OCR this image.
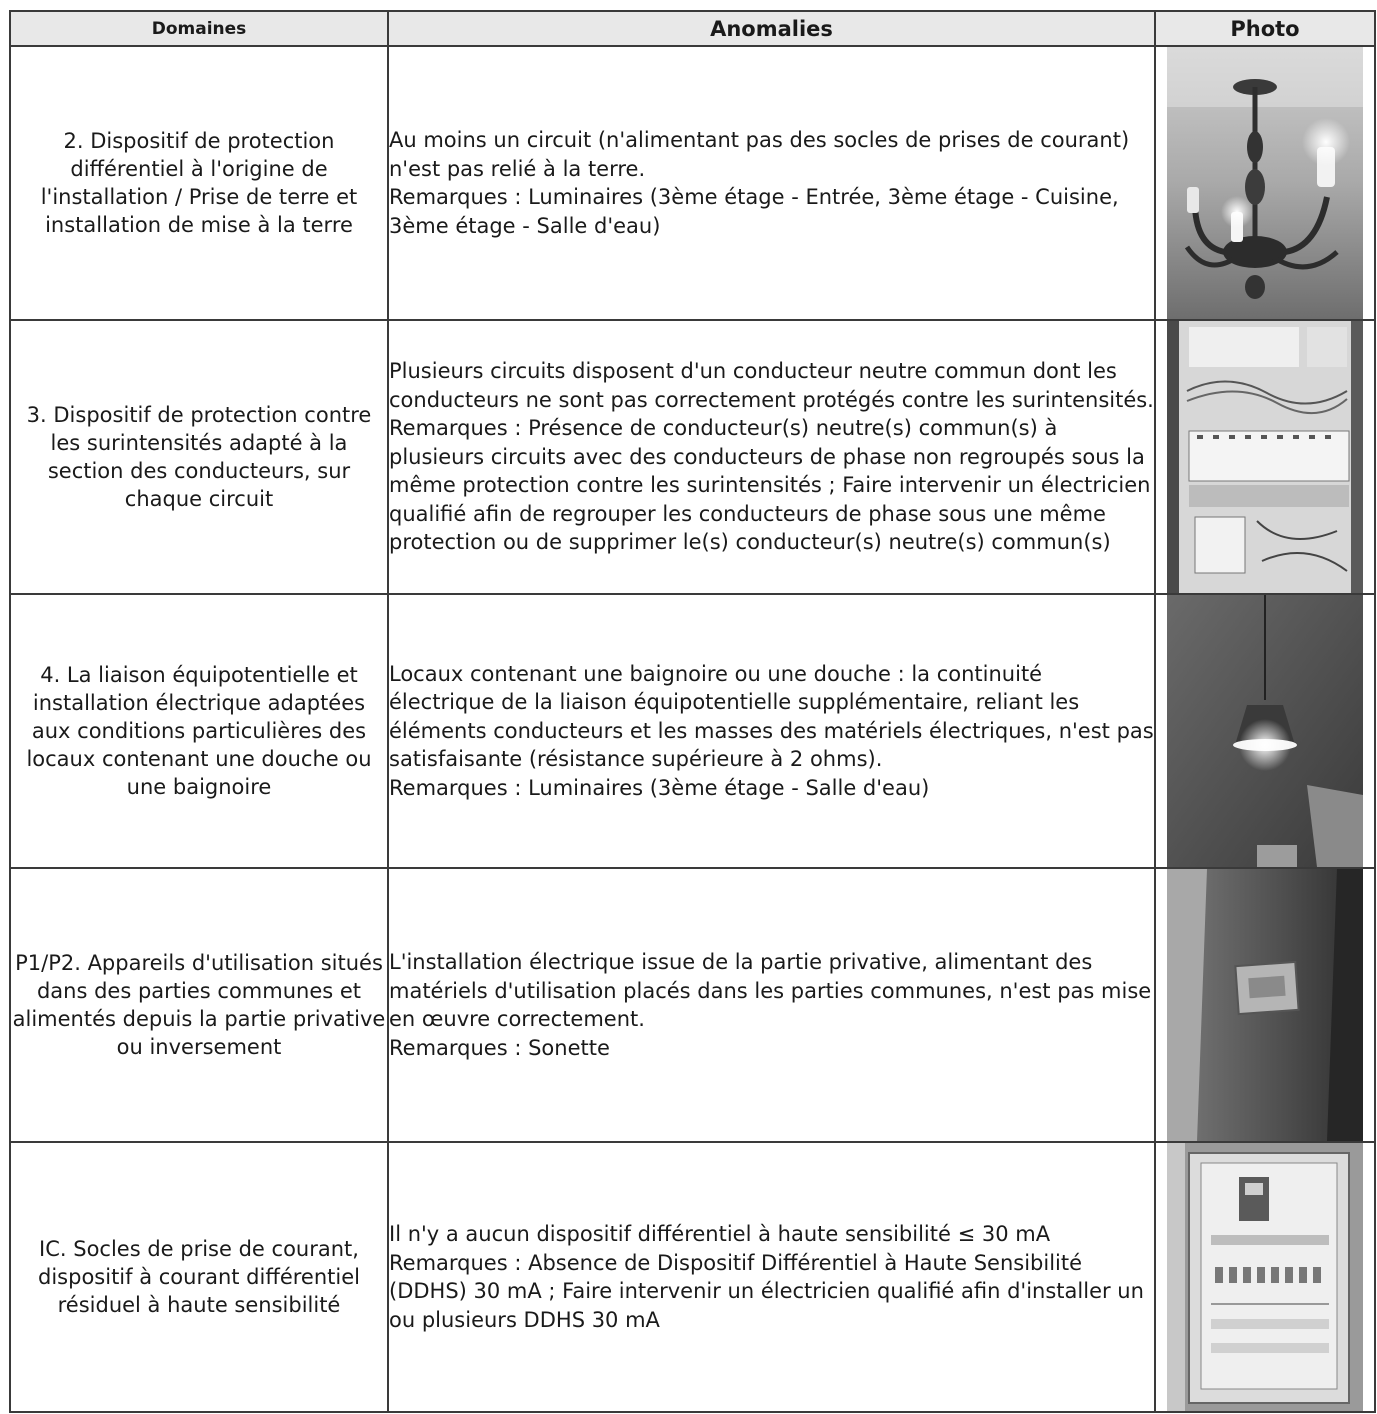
Domaines	Anomalies	Photo
2. Dispositif de protection différentiel à l'origine de l'installation / Prise de terre et installation de mise à la terre	Au moins un circuit (n'alimentant pas des socles de prises de courant) n'est pas relié à la terre.
Remarques : Luminaires (3ème étage - Entrée, 3ème étage - Cuisine, 3ème étage - Salle d'eau)

3. Dispositif de protection contre les surintensités adapté à la section des conducteurs, sur chaque circuit	Plusieurs circuits disposent d'un conducteur neutre commun dont les conducteurs ne sont pas correctement protégés contre les surintensités.
Remarques : Présence de conducteur(s) neutre(s) commun(s) à plusieurs circuits avec des conducteurs de phase non regroupés sous la même protection contre les surintensités ; Faire intervenir un électricien qualifié afin de regrouper les conducteurs de phase sous une même protection ou de supprimer le(s) conducteur(s) neutre(s) commun(s)

4. La liaison équipotentielle et installation électrique adaptées aux conditions particulières des locaux contenant une douche ou une baignoire	Locaux contenant une baignoire ou une douche : la continuité électrique de la liaison équipotentielle supplémentaire, reliant les éléments conducteurs et les masses des matériels électriques, n'est pas satisfaisante (résistance supérieure à 2 ohms).
Remarques : Luminaires (3ème étage - Salle d'eau)

P1/P2. Appareils d'utilisation situés dans des parties communes et alimentés depuis la partie privative ou inversement	L'installation électrique issue de la partie privative, alimentant des matériels d'utilisation placés dans les parties communes, n'est pas mise en œuvre correctement.
Remarques : Sonette

IC. Socles de prise de courant, dispositif à courant différentiel résiduel à haute sensibilité	Il n'y a aucun dispositif différentiel à haute sensibilité ≤ 30 mA
Remarques : Absence de Dispositif Différentiel à Haute Sensibilité (DDHS) 30 mA ; Faire intervenir un électricien qualifié afin d'installer un ou plusieurs DDHS 30 mA
